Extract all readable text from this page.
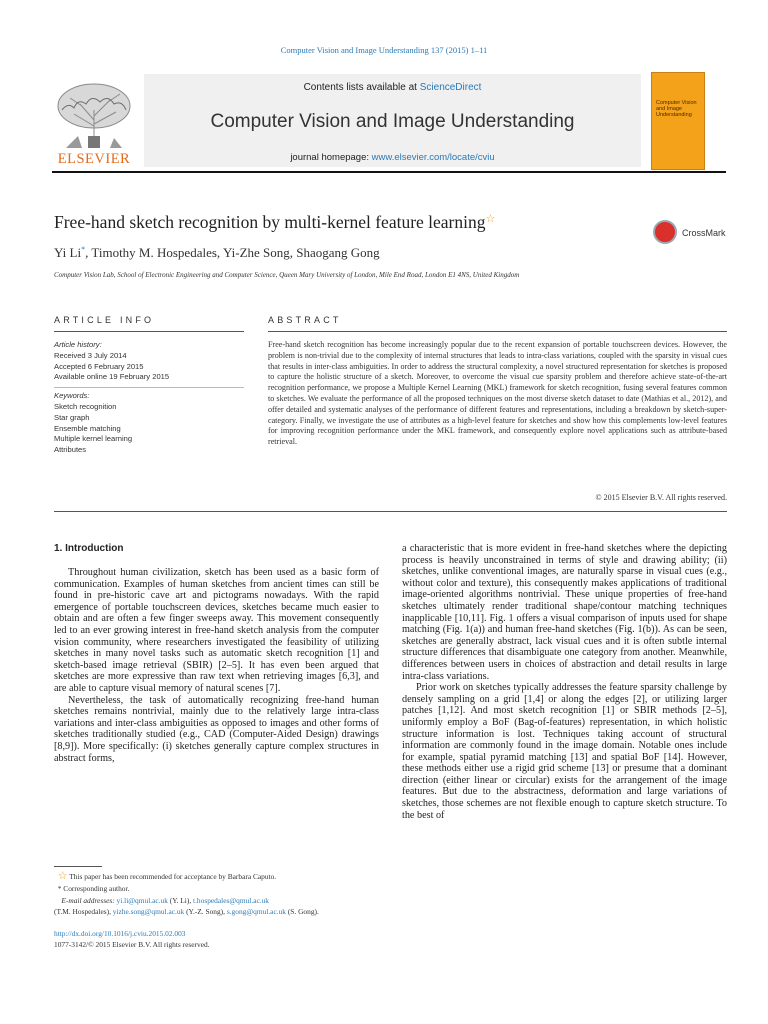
Computer Vision and Image Understanding 137 (2015) 1–11
ELSEVIER
Contents lists available at ScienceDirect
Computer Vision and Image Understanding
journal homepage: www.elsevier.com/locate/cviu
Computer Vision and Image Understanding
Free-hand sketch recognition by multi-kernel feature learning☆
CrossMark
Yi Li*, Timothy M. Hospedales, Yi-Zhe Song, Shaogang Gong
Computer Vision Lab, School of Electronic Engineering and Computer Science, Queen Mary University of London, Mile End Road, London E1 4NS, United Kingdom
ARTICLE INFO
Article history:
Received 3 July 2014
Accepted 6 February 2015
Available online 19 February 2015
Keywords:
Sketch recognition
Star graph
Ensemble matching
Multiple kernel learning
Attributes
ABSTRACT
Free-hand sketch recognition has become increasingly popular due to the recent expansion of portable touchscreen devices. However, the problem is non-trivial due to the complexity of internal structures that leads to intra-class variations, coupled with the sparsity in visual cues that results in inter-class ambiguities. In order to address the structural complexity, a novel structured representation for sketches is proposed to capture the holistic structure of a sketch. Moreover, to overcome the visual cue sparsity problem and therefore achieve state-of-the-art recognition performance, we propose a Multiple Kernel Learning (MKL) framework for sketch recognition, fusing several features common to sketches. We evaluate the performance of all the proposed techniques on the most diverse sketch dataset to date (Mathias et al., 2012), and offer detailed and systematic analyses of the performance of different features and representations, including a breakdown by sketch-super-category. Finally, we investigate the use of attributes as a high-level feature for sketches and show how this complements low-level features for improving recognition performance under the MKL framework, and consequently explore novel applications such as attribute-based retrieval.
© 2015 Elsevier B.V. All rights reserved.
1. Introduction

Throughout human civilization, sketch has been used as a basic form of communication. Examples of human sketches from ancient times can still be found in pre-historic cave art and pictograms nowadays. With the rapid emergence of portable touchscreen devices, sketches became much easier to obtain and are often a few finger sweeps away. This movement consequently led to an ever growing interest in free-hand sketch analysis from the computer vision community, where researchers investigated the feasibility of utilizing sketches in many novel tasks such as automatic sketch recognition [1] and sketch-based image retrieval (SBIR) [2–5]. It has even been argued that sketches are more expressive than raw text when retrieving images [6,3], and are able to capture visual memory of natural scenes [7].

Nevertheless, the task of automatically recognizing free-hand human sketches remains nontrivial, mainly due to the relatively large intra-class variations and inter-class ambiguities as opposed to images and other forms of sketches traditionally studied (e.g., CAD (Computer-Aided Design) drawings [8,9]). More specifically: (i) sketches generally capture complex structures in abstract forms,

a characteristic that is more evident in free-hand sketches where the depicting process is heavily unconstrained in terms of style and drawing ability; (ii) sketches, unlike conventional images, are naturally sparse in visual cues (e.g., without color and texture), this consequently makes applications of traditional image-oriented algorithms nontrivial. These unique properties of free-hand sketches ultimately render traditional shape/contour matching techniques inapplicable [10,11]. Fig. 1 offers a visual comparison of inputs used for shape matching (Fig. 1(a)) and human free-hand sketches (Fig. 1(b)). As can be seen, sketches are generally abstract, lack visual cues and it is often subtle internal structure differences that disambiguate one category from another. Meanwhile, differences between users in choices of abstraction and detail results in large intra-class variations.

Prior work on sketches typically addresses the feature sparsity challenge by densely sampling on a grid [1,4] or along the edges [2], or utilizing larger patches [1,12]. And most sketch recognition [1] or SBIR methods [2–5], uniformly employ a BoF (Bag-of-features) representation, in which holistic structure information is lost. Techniques taking account of structural information are commonly found in the image domain. Notable ones include for example, spatial pyramid matching [13] and spatial BoF [14]. However, these methods either use a rigid grid scheme [13] or presume that a dominant direction (either linear or circular) exists for the arrangement of the image features. But due to the abstractness, deformation and large variations of sketches, those schemes are not flexible enough to capture sketch structure. To the best of

☆ This paper has been recommended for acceptance by Barbara Caputo.
* Corresponding author.
E-mail addresses: yi.li@qmul.ac.uk (Y. Li), t.hospedales@qmul.ac.uk
(T.M. Hospedales), yizhe.song@qmul.ac.uk (Y.-Z. Song), s.gong@qmul.ac.uk (S. Gong).
http://dx.doi.org/10.1016/j.cviu.2015.02.003
1077-3142/© 2015 Elsevier B.V. All rights reserved.
